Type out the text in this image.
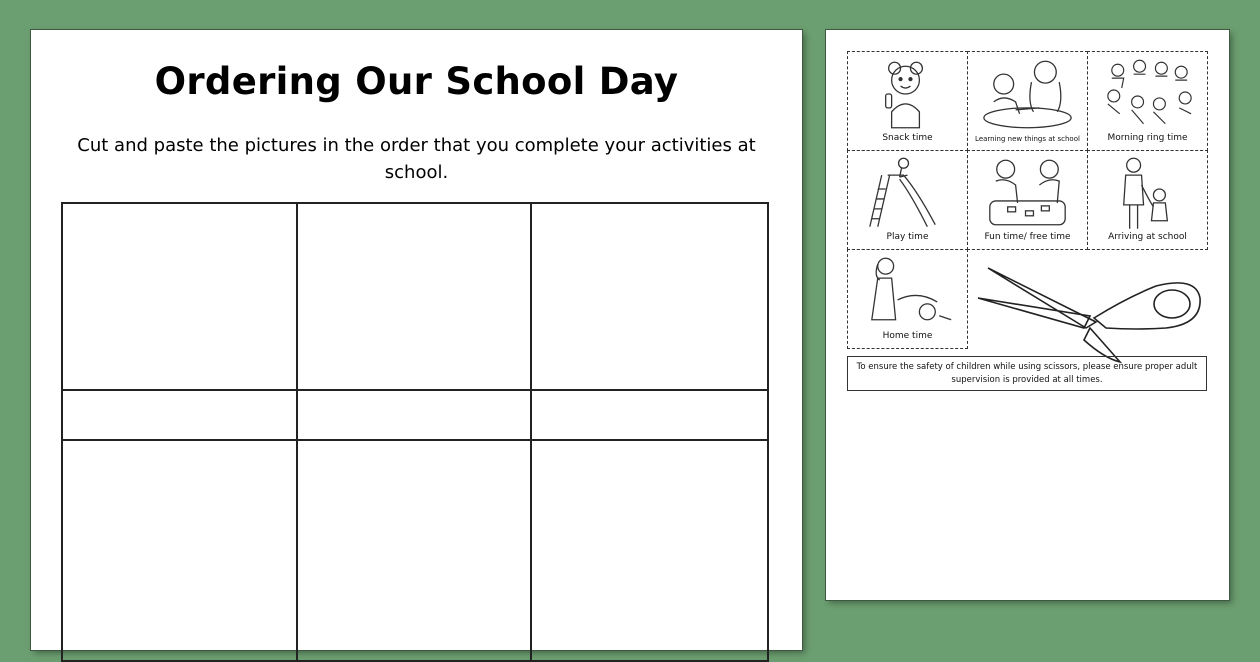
Ordering Our School Day
Cut and paste the pictures in the order that you complete your activities at school.
Snack time	Learning new things at school	Morning ring time
Play time	Fun time/ free time	Arriving at school
Home time
To ensure the safety of children while using scissors, please ensure proper adult supervision is provided at all times.
